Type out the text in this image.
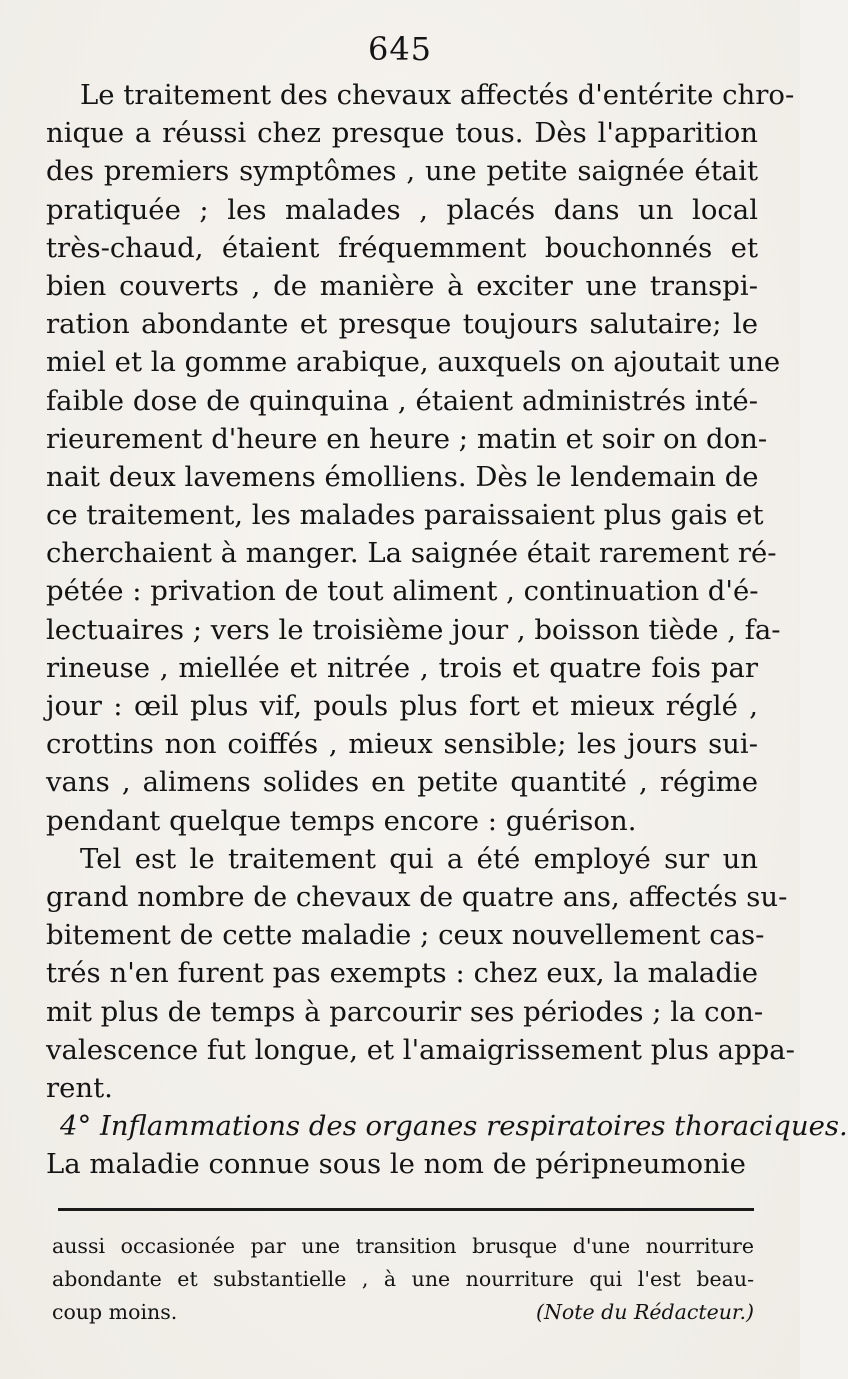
645
Le traitement des chevaux affectés d'entérite chro-
nique a réussi chez presque tous. Dès l'apparition
des premiers symptômes , une petite saignée était
pratiquée ; les malades , placés dans un local
très-chaud, étaient fréquemment bouchonnés et
bien couverts , de manière à exciter une transpi-
ration abondante et presque toujours salutaire; le
miel et la gomme arabique, auxquels on ajoutait une
faible dose de quinquina , étaient administrés inté-
rieurement d'heure en heure ; matin et soir on don-
nait deux lavemens émolliens. Dès le lendemain de
ce traitement, les malades paraissaient plus gais et
cherchaient à manger. La saignée était rarement ré-
pétée : privation de tout aliment , continuation d'é-
lectuaires ; vers le troisième jour , boisson tiède , fa-
rineuse , miellée et nitrée , trois et quatre fois par
jour : œil plus vif, pouls plus fort et mieux réglé ,
crottins non coiffés , mieux sensible; les jours sui-
vans , alimens solides en petite quantité , régime
pendant quelque temps encore : guérison.
Tel est le traitement qui a été employé sur un
grand nombre de chevaux de quatre ans, affectés su-
bitement de cette maladie ; ceux nouvellement cas-
trés n'en furent pas exempts : chez eux, la maladie
mit plus de temps à parcourir ses périodes ; la con-
valescence fut longue, et l'amaigrissement plus appa-
rent.
4° Inflammations des organes respiratoires thoraciques.
La maladie connue sous le nom de péripneumonie
aussi occasionée par une transition brusque d'une nourriture
abondante et substantielle , à une nourriture qui l'est beau-
coup moins.	(Note du Rédacteur.)
